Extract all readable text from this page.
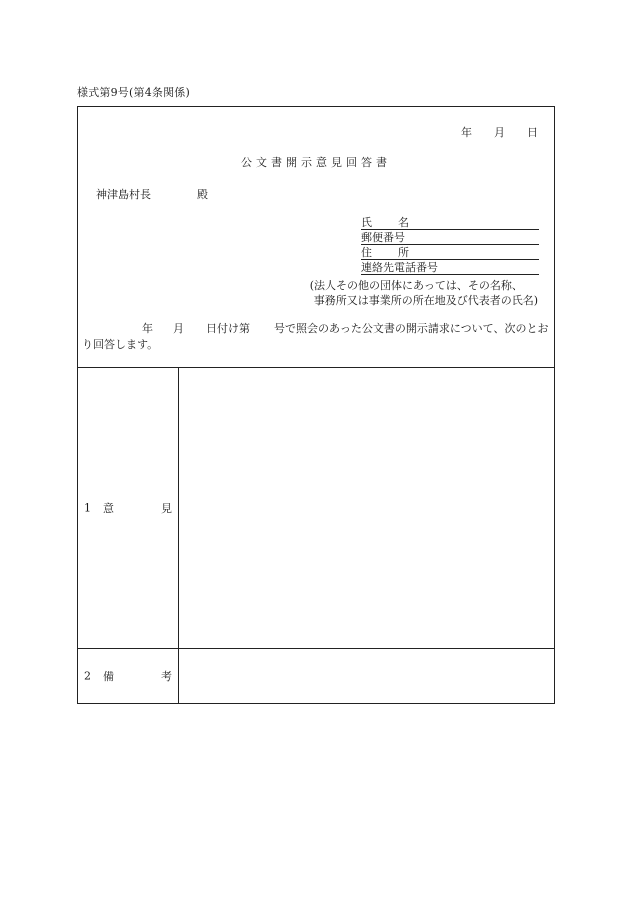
様式第9号(第4条関係)
年 月 日
公文書開示意見回答書
神津島村長	殿
氏 名
郵便番号
住 所
連絡先電話番号
(法人その他の団体にあっては、その名称、
事務所又は事業所の所在地及び代表者の氏名)
年 月 日付け第 号で照会のあった公文書の開示請求について、次のとおり回答します。
1 意	見
2 備	考
